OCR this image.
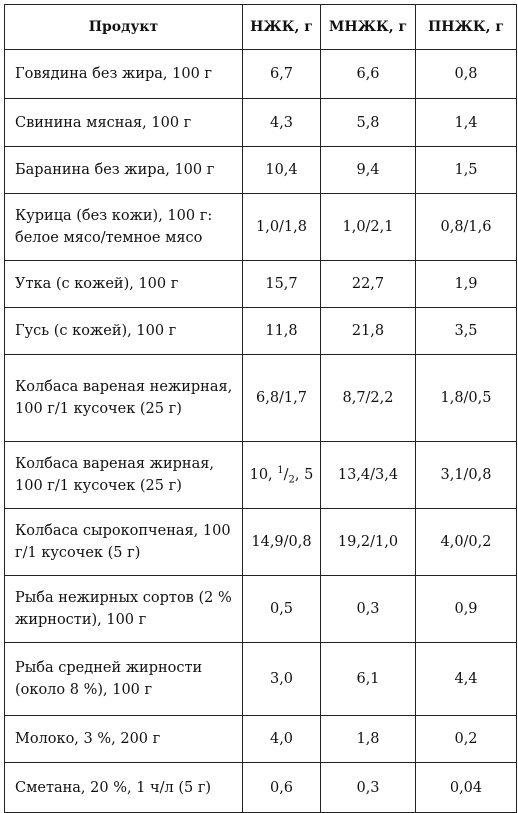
Продукт	НЖК, г	МНЖК, г	ПНЖК, г
Говядина без жира, 100 г	6,7	6,6	0,8
Свинина мясная, 100 г	4,3	5,8	1,4
Баранина без жира, 100 г	10,4	9,4	1,5
Курица (без кожи), 100 г: белое мясо/темное мясо	1,0/1,8	1,0/2,1	0,8/1,6
Утка (с кожей), 100 г	15,7	22,7	1,9
Гусь (с кожей), 100 г	11,8	21,8	3,5
Колбаса вареная нежирная, 100 г/1 кусочек (25 г)	6,8/1,7	8,7/2,2	1,8/0,5
Колбаса вареная жирная, 100 г/1 кусочек (25 г)	10, $^1/_2$, 5	13,4/3,4	3,1/0,8
Колбаса сырокопченая, 100 г/1 кусочек (5 г)	14,9/0,8	19,2/1,0	4,0/0,2
Рыба нежирных сортов (2 % жирности), 100 г	0,5	0,3	0,9
Рыба средней жирности (около 8 %), 100 г	3,0	6,1	4,4
Молоко, 3 %, 200 г	4,0	1,8	0,2
Сметана, 20 %, 1 ч/л (5 г)	0,6	0,3	0,04
